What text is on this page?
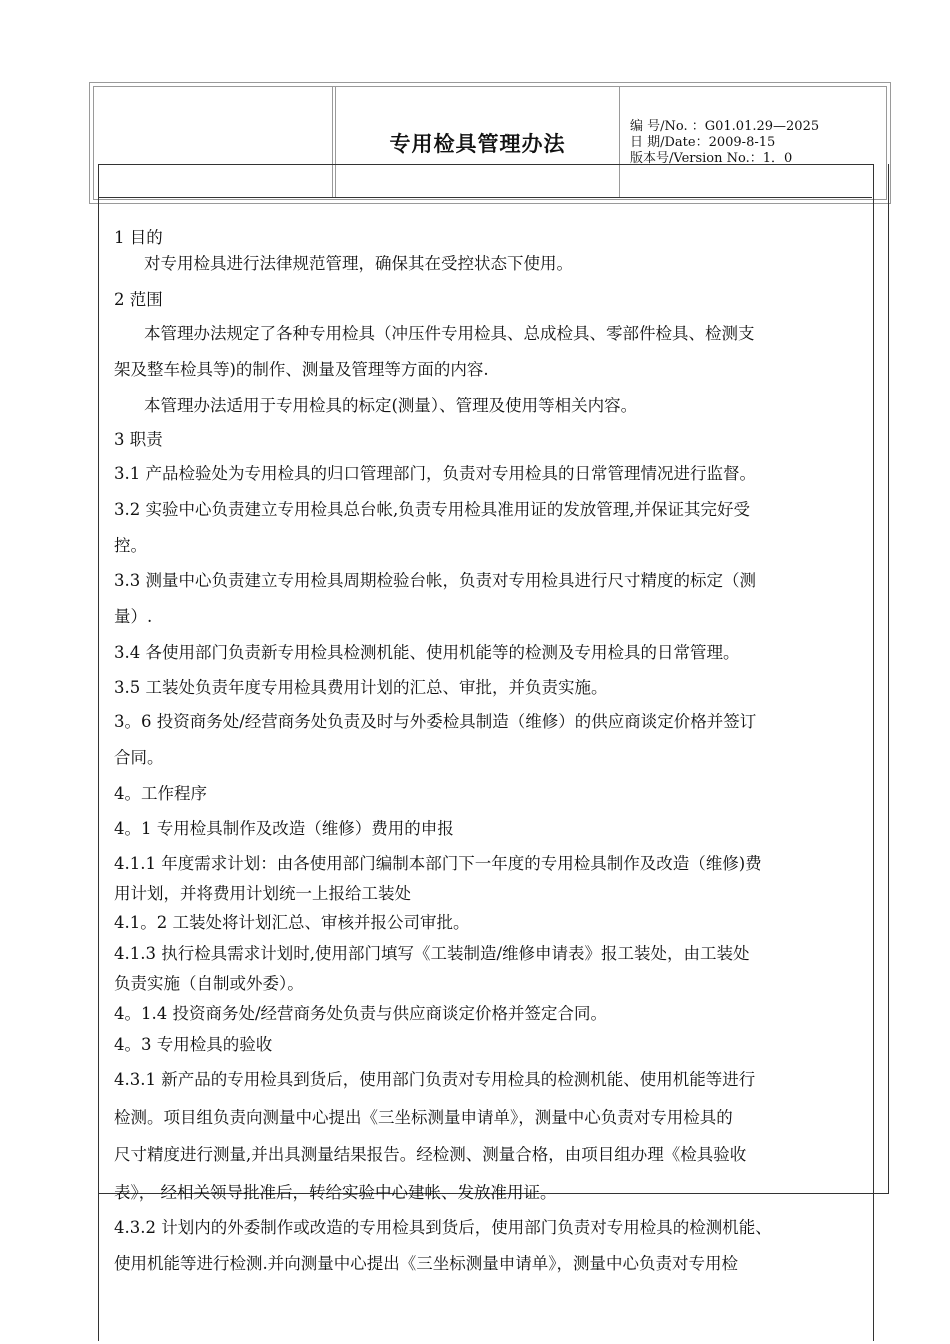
专用检具管理办法
编 号/No. ：G01.01.29—2025
日 期/Date：2009-8-15
版本号/Version No.：1．0
1 目的
对专用检具进行法律规范管理，确保其在受控状态下使用。
2 范围
本管理办法规定了各种专用检具（冲压件专用检具、总成检具、零部件检具、检测支
架及整车检具等)的制作、测量及管理等方面的内容.
本管理办法适用于专用检具的标定(测量）、管理及使用等相关内容。
3 职责
3.1 产品检验处为专用检具的归口管理部门，负责对专用检具的日常管理情况进行监督。
3.2 实验中心负责建立专用检具总台帐,负责专用检具准用证的发放管理,并保证其完好受
控。
3.3 测量中心负责建立专用检具周期检验台帐，负责对专用检具进行尺寸精度的标定（测
量）.
3.4 各使用部门负责新专用检具检测机能、使用机能等的检测及专用检具的日常管理。
3.5 工装处负责年度专用检具费用计划的汇总、审批，并负责实施。
3。6 投资商务处/经营商务处负责及时与外委检具制造（维修）的供应商谈定价格并签订
合同。
4。工作程序
4。1 专用检具制作及改造（维修）费用的申报
4.1.1 年度需求计划：由各使用部门编制本部门下一年度的专用检具制作及改造（维修)费
用计划，并将费用计划统一上报给工装处
4.1。2 工装处将计划汇总、审核并报公司审批。
4.1.3 执行检具需求计划时,使用部门填写《工装制造/维修申请表》报工装处，由工装处
负责实施（自制或外委）。
4。1.4 投资商务处/经营商务处负责与供应商谈定价格并签定合同。
4。3 专用检具的验收
4.3.1 新产品的专用检具到货后，使用部门负责对专用检具的检测机能、使用机能等进行
检测。项目组负责向测量中心提出《三坐标测量申请单》，测量中心负责对专用检具的
尺寸精度进行测量,并出具测量结果报告。经检测、测量合格，由项目组办理《检具验收
表》， 经相关领导批准后，转给实验中心建帐、发放准用证。
4.3.2 计划内的外委制作或改造的专用检具到货后，使用部门负责对专用检具的检测机能、
使用机能等进行检测.并向测量中心提出《三坐标测量申请单》，测量中心负责对专用检
